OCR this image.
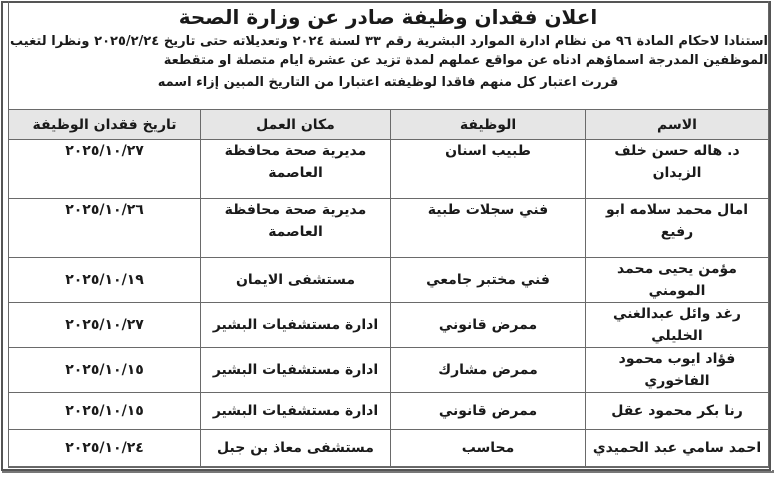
اعلان فقدان وظيفة صادر عن وزارة الصحة
استنادا لاحكام المادة ٩٦ من نظام ادارة الموارد البشرية رقم ٣٣ لسنة ٢٠٢٤ وتعديلاته حتى تاريخ ٢٠٢٥/٢/٢٤ ونظرا لتغيب
الموظفين المدرجة اسماؤهم ادناه عن مواقع عملهم لمدة تزيد عن عشرة ايام متصلة او متقطعة
قررت اعتبار كل منهم فاقدا لوظيفته اعتبارا من التاريخ المبين إزاء اسمه
الاسم	الوظيفة	مكان العمل	تاريخ فقدان الوظيفة
د. هاله حسن خلف الزيدان	طبيب اسنان	مديرية صحة محافظة العاصمة	٢٠٢٥/١٠/٢٧
امال محمد سلامه ابو رفيع	فني سجلات طبية	مديرية صحة محافظة العاصمة	٢٠٢٥/١٠/٢٦
مؤمن يحيى محمد المومني	فني مختبر جامعي	مستشفى الايمان	٢٠٢٥/١٠/١٩
رغد وائل عبدالغني الخليلي	ممرض قانوني	ادارة مستشفيات البشير	٢٠٢٥/١٠/٢٧
فؤاد ايوب محمود الفاخوري	ممرض مشارك	ادارة مستشفيات البشير	٢٠٢٥/١٠/١٥
رنا بكر محمود عقل	ممرض قانوني	ادارة مستشفيات البشير	٢٠٢٥/١٠/١٥
احمد سامي عبد الحميدي	محاسب	مستشفى معاذ بن جبل	٢٠٢٥/١٠/٢٤
